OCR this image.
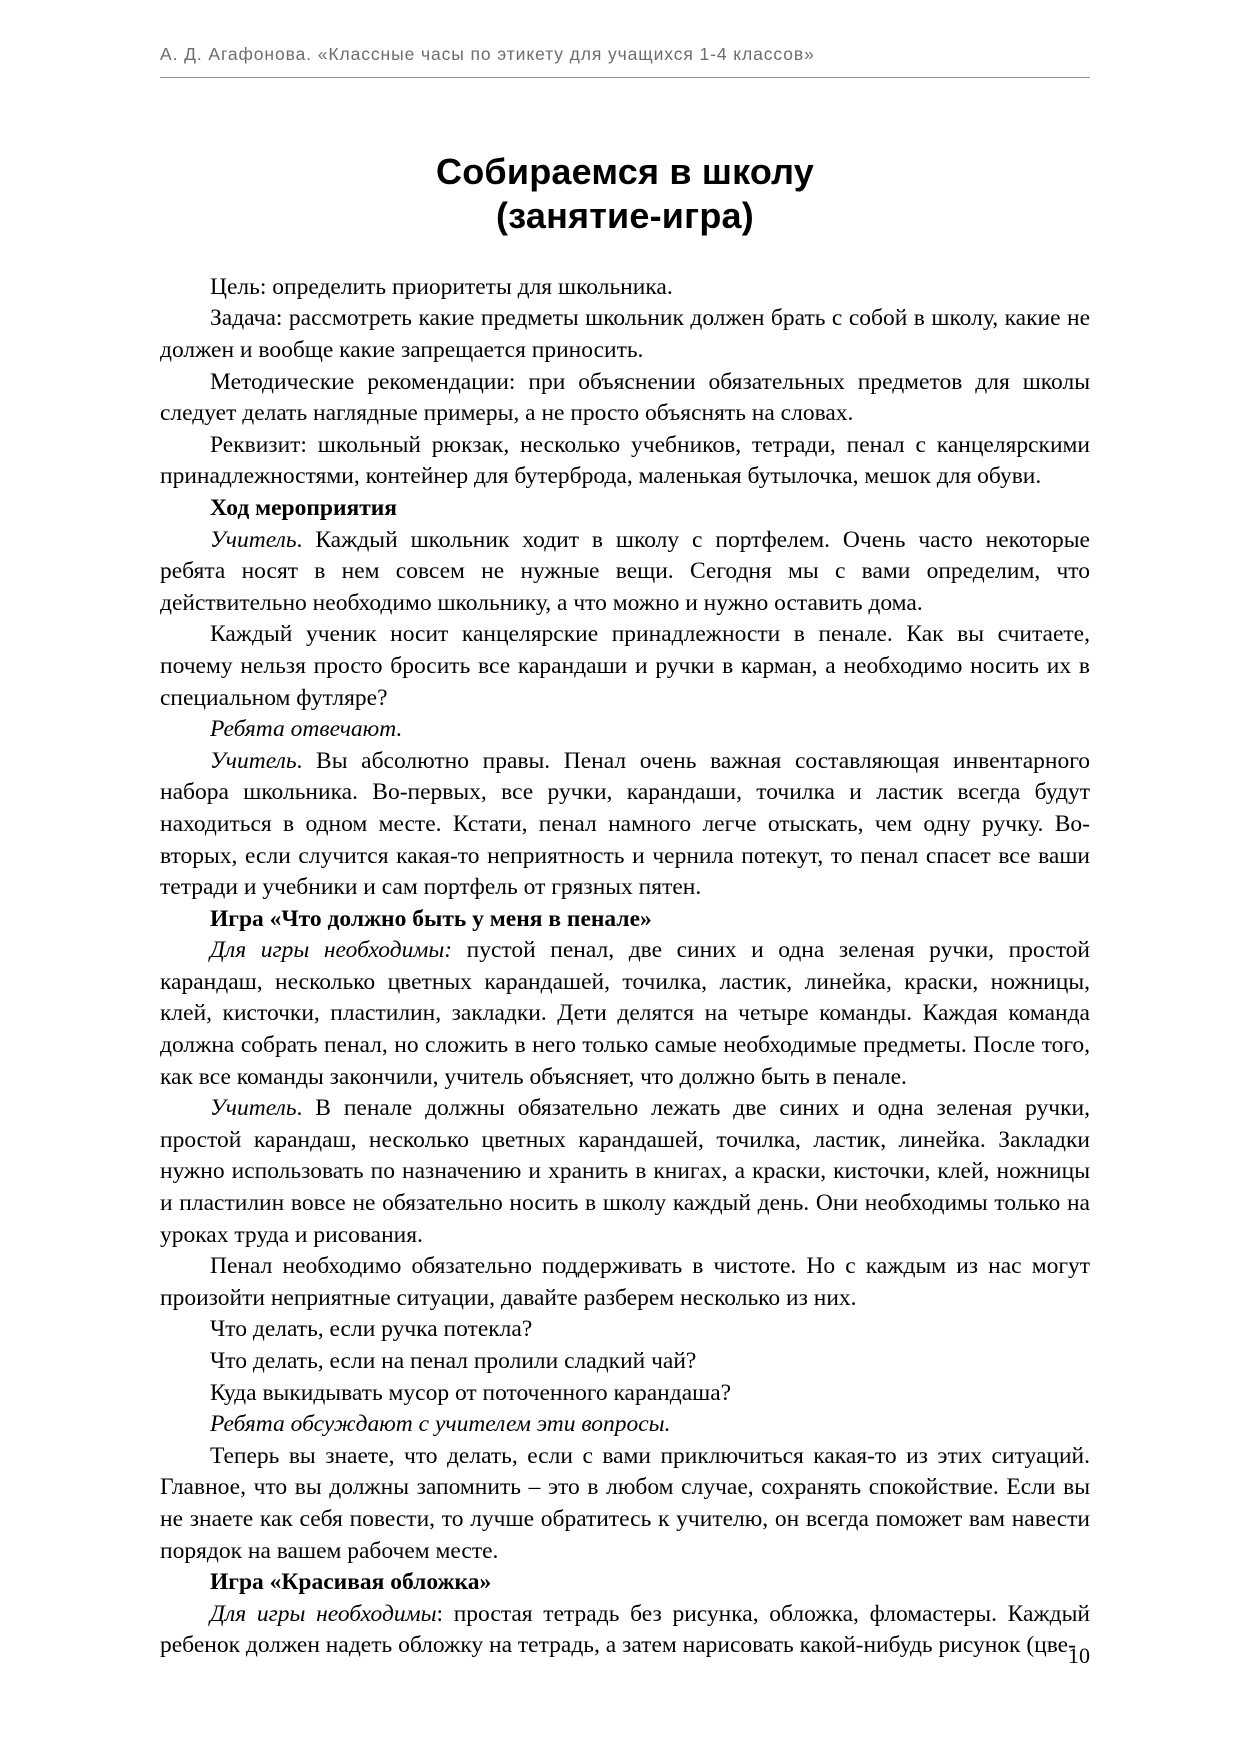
А. Д. Агафонова. «Классные часы по этикету для учащихся 1-4 классов»
Собираемся в школу
(занятие-игра)

Цель: определить приоритеты для школьника.

Задача: рассмотреть какие предметы школьник должен брать с собой в школу, какие не должен и вообще какие запрещается приносить.

Методические рекомендации: при объяснении обязательных предметов для школы следует делать наглядные примеры, а не просто объяснять на словах.

Реквизит: школьный рюкзак, несколько учебников, тетради, пенал с канцелярскими принадлежностями, контейнер для бутерброда, маленькая бутылочка, мешок для обуви.

Ход мероприятия

Учитель. Каждый школьник ходит в школу с портфелем. Очень часто некоторые ребята носят в нем совсем не нужные вещи. Сегодня мы с вами определим, что действительно необходимо школьнику, а что можно и нужно оставить дома.

Каждый ученик носит канцелярские принадлежности в пенале. Как вы считаете, почему нельзя просто бросить все карандаши и ручки в карман, а необходимо носить их в специальном футляре?

Ребята отвечают.

Учитель. Вы абсолютно правы. Пенал очень важная составляющая инвентарного набора школьника. Во-первых, все ручки, карандаши, точилка и ластик всегда будут находиться в одном месте. Кстати, пенал намного легче отыскать, чем одну ручку. Во-вторых, если случится какая-то неприятность и чернила потекут, то пенал спасет все ваши тетради и учебники и сам портфель от грязных пятен.

Игра «Что должно быть у меня в пенале»

Для игры необходимы: пустой пенал, две синих и одна зеленая ручки, простой карандаш, несколько цветных карандашей, точилка, ластик, линейка, краски, ножницы, клей, кисточки, пластилин, закладки. Дети делятся на четыре команды. Каждая команда должна собрать пенал, но сложить в него только самые необходимые предметы. После того, как все команды закончили, учитель объясняет, что должно быть в пенале.

Учитель. В пенале должны обязательно лежать две синих и одна зеленая ручки, простой карандаш, несколько цветных карандашей, точилка, ластик, линейка. Закладки нужно использовать по назначению и хранить в книгах, а краски, кисточки, клей, ножницы и пластилин вовсе не обязательно носить в школу каждый день. Они необходимы только на уроках труда и рисования.

Пенал необходимо обязательно поддерживать в чистоте. Но с каждым из нас могут произойти неприятные ситуации, давайте разберем несколько из них.

Что делать, если ручка потекла?

Что делать, если на пенал пролили сладкий чай?

Куда выкидывать мусор от поточенного карандаша?

Ребята обсуждают с учителем эти вопросы.

Теперь вы знаете, что делать, если с вами приключиться какая-то из этих ситуаций. Главное, что вы должны запомнить – это в любом случае, сохранять спокойствие. Если вы не знаете как себя повести, то лучше обратитесь к учителю, он всегда поможет вам навести порядок на вашем рабочем месте.

Игра «Красивая обложка»

Для игры необходимы: простая тетрадь без рисунка, обложка, фломастеры. Каждый ребенок должен надеть обложку на тетрадь, а затем нарисовать какой-нибудь рисунок (цве-

10
